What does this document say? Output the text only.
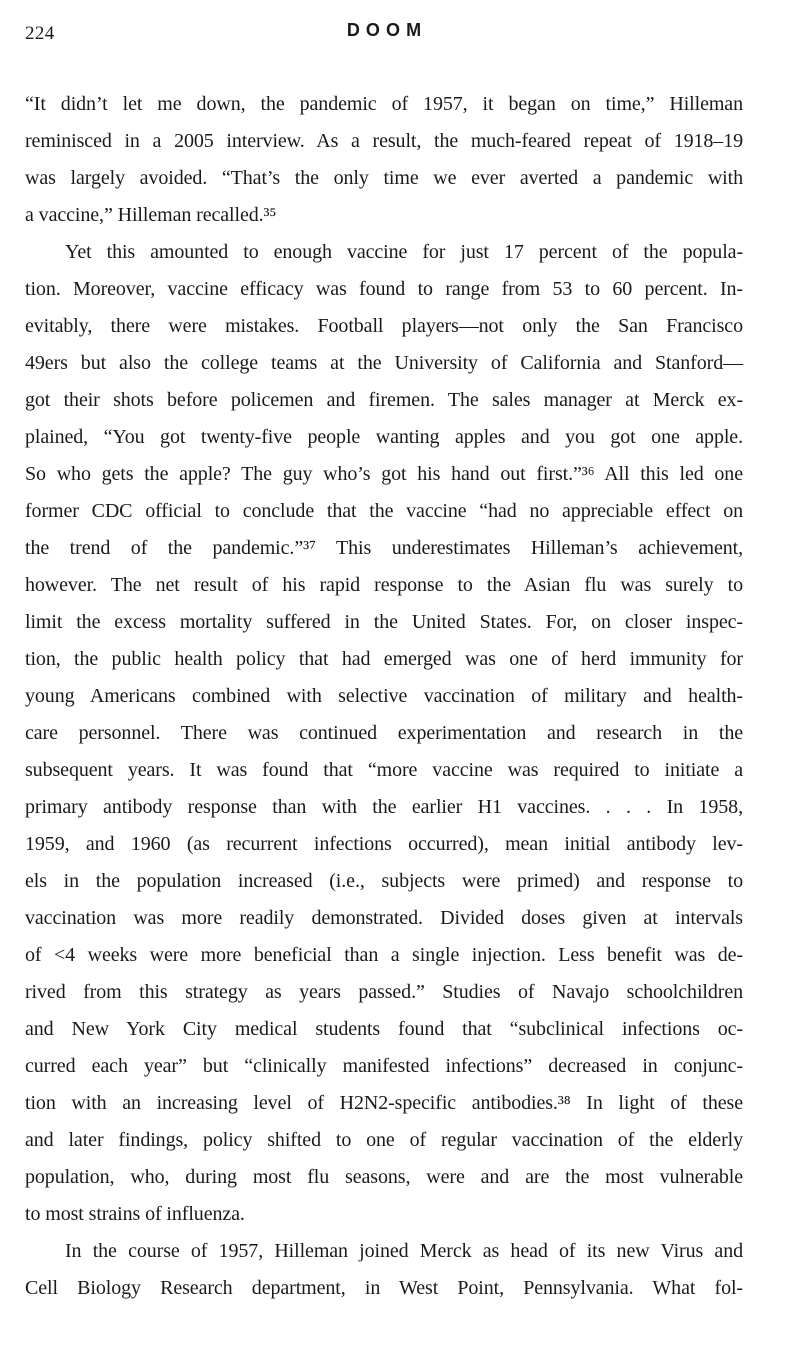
224	DOOM
“It didn’t let me down, the pandemic of 1957, it began on time,” Hilleman
reminisced in a 2005 interview. As a result, the much-feared repeat of 1918–19
was largely avoided. “That’s the only time we ever averted a pandemic with
a vaccine,” Hilleman recalled.³⁵
Yet this amounted to enough vaccine for just 17 percent of the popula-
tion. Moreover, vaccine efficacy was found to range from 53 to 60 percent. In-
evitably, there were mistakes. Football players—not only the San Francisco
49ers but also the college teams at the University of California and Stanford—
got their shots before policemen and firemen. The sales manager at Merck ex-
plained, “You got twenty-five people wanting apples and you got one apple.
So who gets the apple? The guy who’s got his hand out first.”³⁶ All this led one
former CDC official to conclude that the vaccine “had no appreciable effect on
the trend of the pandemic.”³⁷ This underestimates Hilleman’s achievement,
however. The net result of his rapid response to the Asian flu was surely to
limit the excess mortality suffered in the United States. For, on closer inspec-
tion, the public health policy that had emerged was one of herd immunity for
young Americans combined with selective vaccination of military and health-
care personnel. There was continued experimentation and research in the
subsequent years. It was found that “more vaccine was required to initiate a
primary antibody response than with the earlier H1 vaccines. . . . In 1958,
1959, and 1960 (as recurrent infections occurred), mean initial antibody lev-
els in the population increased (i.e., subjects were primed) and response to
vaccination was more readily demonstrated. Divided doses given at intervals
of <4 weeks were more beneficial than a single injection. Less benefit was de-
rived from this strategy as years passed.” Studies of Navajo schoolchildren
and New York City medical students found that “subclinical infections oc-
curred each year” but “clinically manifested infections” decreased in conjunc-
tion with an increasing level of H2N2-specific antibodies.³⁸ In light of these
and later findings, policy shifted to one of regular vaccination of the elderly
population, who, during most flu seasons, were and are the most vulnerable
to most strains of influenza.
In the course of 1957, Hilleman joined Merck as head of its new Virus and
Cell Biology Research department, in West Point, Pennsylvania. What fol-
